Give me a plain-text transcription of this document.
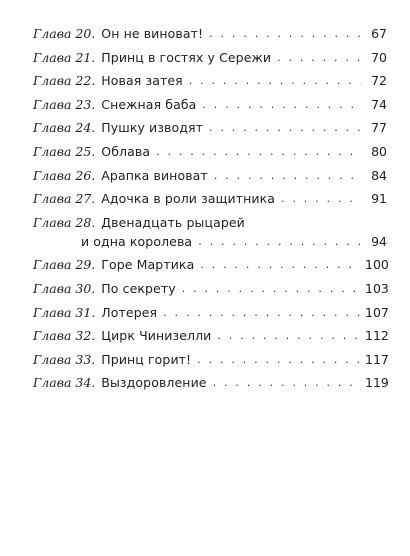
Глава 20. Он не виноват! . . .	67
Глава 21. Принц в гостях у Сережи . . .	70
Глава 22. Новая затея . . .	72
Глава 23. Снежная баба . . .	74
Глава 24. Пушку изводят . . .	77
Глава 25. Облава . . .	80
Глава 26. Арапка виноват . . .	84
Глава 27. Адочка в роли защитника . . .	91
Глава 28. Двенадцать рыцарей
и одна королева . . .	94
Глава 29. Горе Мартика . . .	100
Глава 30. По секрету . . .	103
Глава 31. Лотерея . . .	107
Глава 32. Цирк Чинизелли . . .	112
Глава 33. Принц горит! . . .	117
Глава 34. Выздоровление . . .	119
